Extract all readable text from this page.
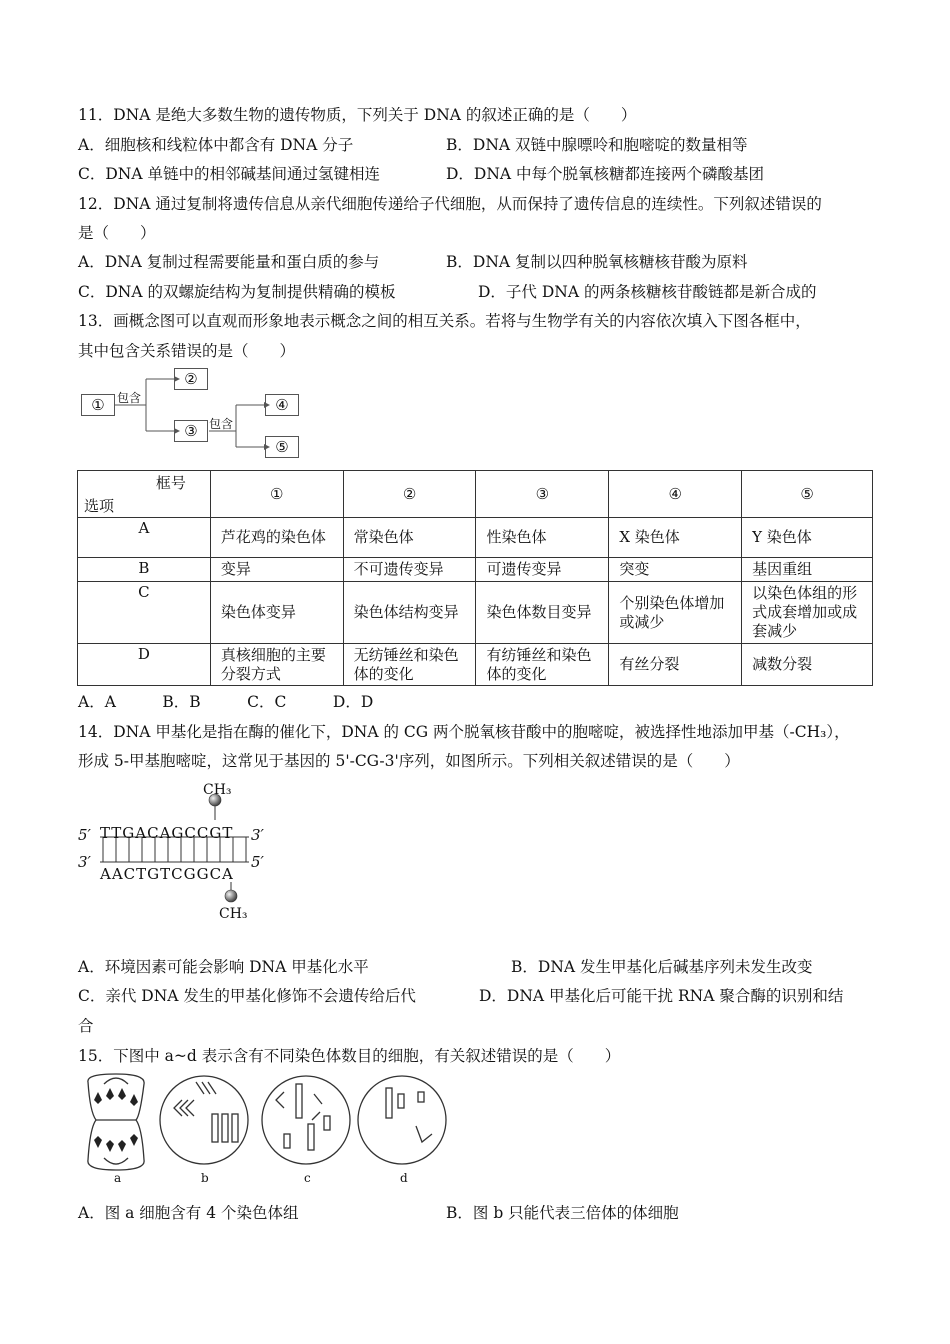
11．DNA 是绝大多数生物的遗传物质，下列关于 DNA 的叙述正确的是（　　）
A．细胞核和线粒体中都含有 DNA 分子	B．DNA 双链中腺嘌呤和胞嘧啶的数量相等
C．DNA 单链中的相邻碱基间通过氢键相连	D．DNA 中每个脱氧核糖都连接两个磷酸基团
12．DNA 通过复制将遗传信息从亲代细胞传递给子代细胞，从而保持了遗传信息的连续性。下列叙述错误的
是（　　）
A．DNA 复制过程需要能量和蛋白质的参与	B．DNA 复制以四种脱氧核糖核苷酸为原料
C．DNA 的双螺旋结构为复制提供精确的模板	D．子代 DNA 的两条核糖核苷酸链都是新合成的
13．画概念图可以直观而形象地表示概念之间的相互关系。若将与生物学有关的内容依次填入下图各框中，
其中包含关系错误的是（　　）
①	包含
②
③ 包含
④
⑤
框号
选项	①	②	③	④	⑤
A	芦花鸡的染色体	常染色体	性染色体	X 染色体	Y 染色体
B	变异	不可遗传变异	可遗传变异	突变	基因重组
C	染色体变异	染色体结构变异	染色体数目变异	个别染色体增加或减少	以染色体组的形式成套增加或成套减少
D	真核细胞的主要分裂方式	无纺锤丝和染色体的变化	有纺锤丝和染色体的变化	有丝分裂	减数分裂
A．A　　　B．B　　　C．C　　　D．D
14．DNA 甲基化是指在酶的催化下，DNA 的 CG 两个脱氧核苷酸中的胞嘧啶，被选择性地添加甲基（-CH₃），
形成 5-甲基胞嘧啶，这常见于基因的 5'-CG-3'序列，如图所示。下列相关叙述错误的是（　　）
CH₃
5′ TTGACAGCCGT 3′
3′
AACTGTCGGCA
5′
CH₃
A．环境因素可能会影响 DNA 甲基化水平	B．DNA 发生甲基化后碱基序列未发生改变
C．亲代 DNA 发生的甲基化修饰不会遗传给后代	D．DNA 甲基化后可能干扰 RNA 聚合酶的识别和结
合
15．下图中 a~d 表示含有不同染色体数目的细胞，有关叙述错误的是（　　）
a	b	c	d
A．图 a 细胞含有 4 个染色体组	B．图 b 只能代表三倍体的体细胞
